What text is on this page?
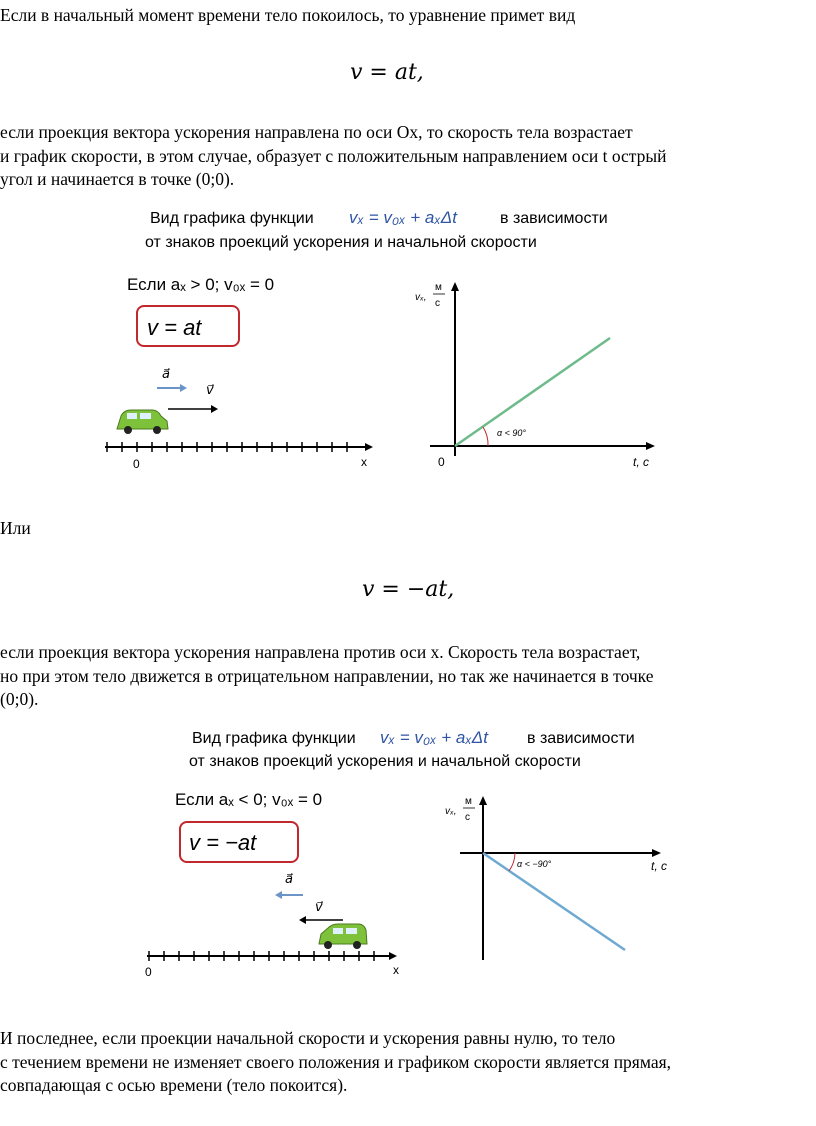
Если в начальный момент времени тело покоилось, то уравнение примет вид
v = at,
если проекция вектора ускорения направлена по оси Ox, то скорость тела возрастает
и график скорости, в этом случае, образует с положительным направлением оси t острый
угол и начинается в точке (0;0).
Вид графика функции vₓ = v₀ₓ + aₓΔt	в зависимости
от знаков проекций ускорения и начальной скорости
Если aₓ > 0; v₀ₓ = 0
v = at
a⃗
v⃗
0	x
vₓ,
м
с
α < 90°
0	t, c
Или
v = −at,
если проекция вектора ускорения направлена против оси x. Скорость тела возрастает,
но при этом тело движется в отрицательном направлении, но так же начинается в точке
(0;0).
Вид графика функции vₓ = v₀ₓ + aₓΔt в зависимости
от знаков проекций ускорения и начальной скорости
Если aₓ < 0; v₀ₓ = 0
v = −at
a⃗
v⃗
0	x
vₓ,
м
с
α < −90°	t, c
И последнее, если проекции начальной скорости и ускорения равны нулю, то тело
с течением времени не изменяет своего положения и графиком скорости является прямая,
совпадающая с осью времени (тело покоится).
